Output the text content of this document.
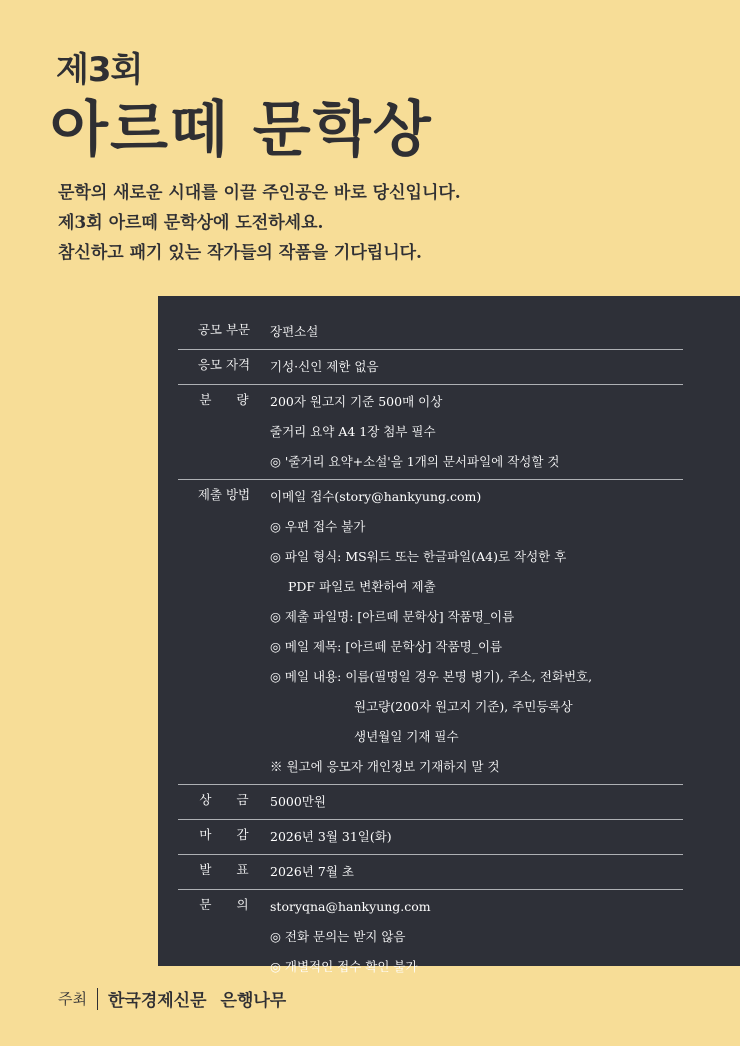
제3회
아르떼 문학상
문학의 새로운 시대를 이끌 주인공은 바로 당신입니다.
제3회 아르떼 문학상에 도전하세요.
참신하고 패기 있는 작가들의 작품을 기다립니다.
공모 부문	장편소설
응모 자격	기성·신인 제한 없음
분　　량	200자 원고지 기준 500매 이상
줄거리 요약 A4 1장 첨부 필수
◎ '줄거리 요약+소설'을 1개의 문서파일에 작성할 것
제출 방법	이메일 접수(story@hankyung.com)
◎ 우편 접수 불가
◎ 파일 형식: MS워드 또는 한글파일(A4)로 작성한 후
PDF 파일로 변환하여 제출
◎ 제출 파일명: [아르떼 문학상] 작품명_이름
◎ 메일 제목: [아르떼 문학상] 작품명_이름
◎ 메일 내용: 이름(필명일 경우 본명 병기), 주소, 전화번호,
원고량(200자 원고지 기준), 주민등록상
생년월일 기재 필수
※ 원고에 응모자 개인정보 기재하지 말 것
상　　금	5000만원
마　　감	2026년 3월 31일(화)
발　　표	2026년 7월 초
문　　의	storyqna@hankyung.com
◎ 전화 문의는 받지 않음
◎ 개별적인 접수 확인 불가
주최 한국경제신문 은행나무
